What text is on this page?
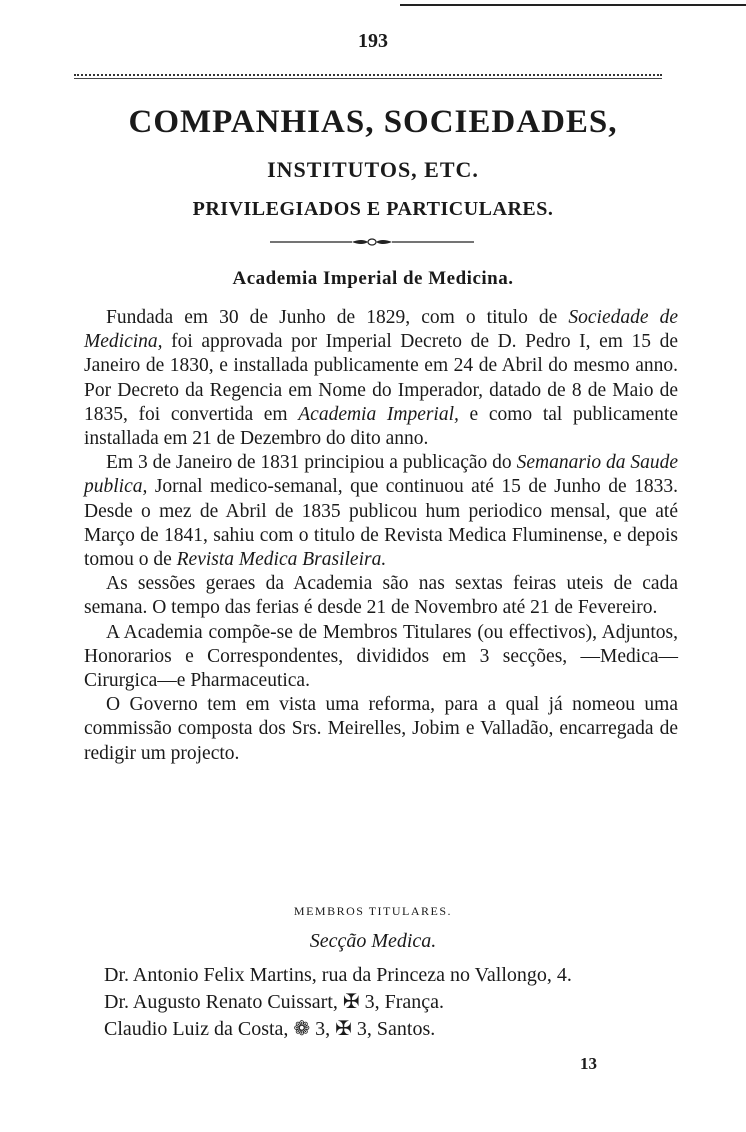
193
COMPANHIAS, SOCIEDADES,
INSTITUTOS, ETC.
PRIVILEGIADOS E PARTICULARES.
Academia Imperial de Medicina.

Fundada em 30 de Junho de 1829, com o titulo de Sociedade de Medicina, foi approvada por Imperial Decreto de D. Pedro I, em 15 de Janeiro de 1830, e installada publicamente em 24 de Abril do mesmo anno. Por Decreto da Regencia em Nome do Imperador, datado de 8 de Maio de 1835, foi convertida em Academia Imperial, e como tal publicamente installada em 21 de Dezembro do dito anno.

Em 3 de Janeiro de 1831 principiou a publicação do Semanario da Saude publica, Jornal medico-semanal, que continuou até 15 de Junho de 1833. Desde o mez de Abril de 1835 publicou hum periodico mensal, que até Março de 1841, sahiu com o titulo de Revista Medica Fluminense, e depois tomou o de Revista Medica Brasileira.

As sessões geraes da Academia são nas sextas feiras uteis de cada semana. O tempo das ferias é desde 21 de Novembro até 21 de Fevereiro.

A Academia compõe-se de Membros Titulares (ou effectivos), Adjuntos, Honorarios e Correspondentes, divididos em 3 secções, —Medica—Cirurgica—e Pharmaceutica.

O Governo tem em vista uma reforma, para a qual já nomeou uma commissão composta dos Srs. Meirelles, Jobim e Valladão, encarregada de redigir um projecto.

MEMBROS TITULARES.
Secção Medica.
Dr. Antonio Felix Martins, rua da Princeza no Vallongo, 4.
Dr. Augusto Renato Cuissart, ✠ 3, França.
Claudio Luiz da Costa, ❁ 3, ✠ 3, Santos.
13
